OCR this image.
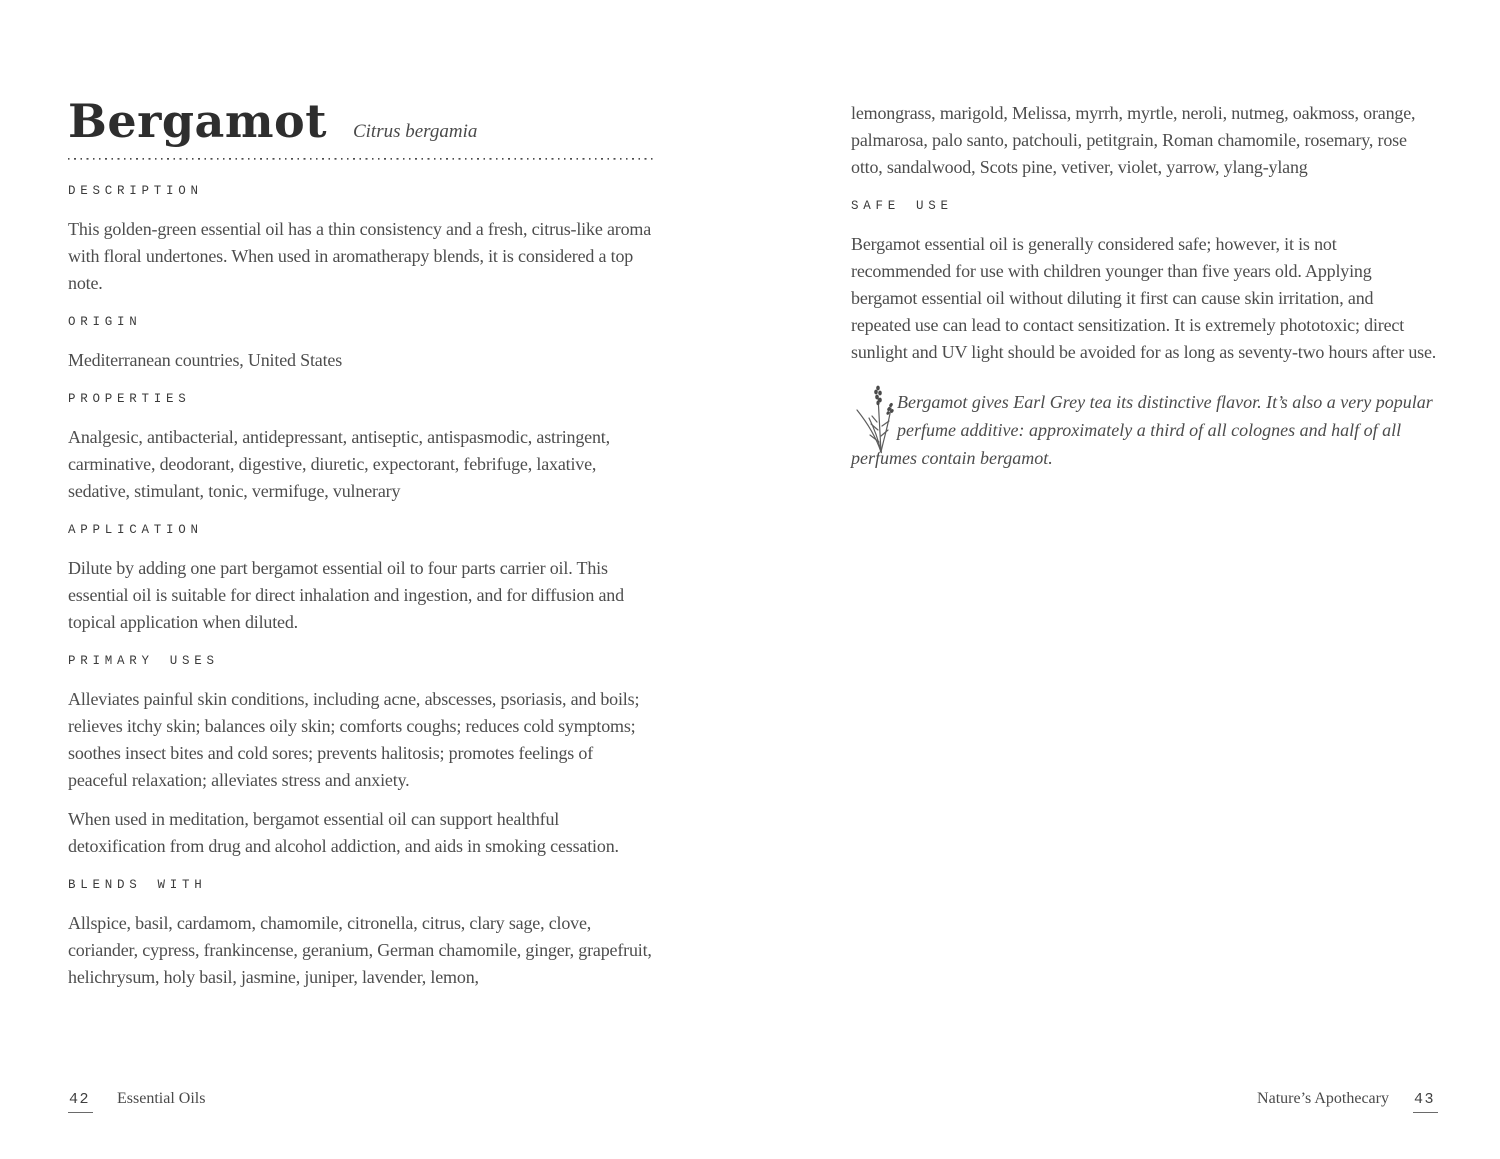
Bergamot Citrus bergamia
DESCRIPTION

This golden-green essential oil has a thin consistency and a fresh, citrus-like aroma with floral undertones. When used in aromatherapy blends, it is considered a top note.

ORIGIN

Mediterranean countries, United States

PROPERTIES

Analgesic, antibacterial, antidepressant, antiseptic, antispasmodic, astringent, carminative, deodorant, digestive, diuretic, expectorant, febrifuge, laxative, sedative, stimulant, tonic, vermifuge, vulnerary

APPLICATION

Dilute by adding one part bergamot essential oil to four parts carrier oil. This essential oil is suitable for direct inhalation and ingestion, and for diffusion and topical application when diluted.

PRIMARY USES

Alleviates painful skin conditions, including acne, abscesses, psoriasis, and boils; relieves itchy skin; balances oily skin; comforts coughs; reduces cold symptoms; soothes insect bites and cold sores; prevents halitosis; promotes feelings of peaceful relaxation; alleviates stress and anxiety.

When used in meditation, bergamot essential oil can support healthful detoxification from drug and alcohol addiction, and aids in smoking cessation.

BLENDS WITH

Allspice, basil, cardamom, chamomile, citronella, citrus, clary sage, clove, coriander, cypress, frankincense, geranium, German chamomile, ginger, grapefruit, helichrysum, holy basil, jasmine, juniper, lavender, lemon,

lemongrass, marigold, Melissa, myrrh, myrtle, neroli, nutmeg, oakmoss, orange, palmarosa, palo santo, patchouli, petitgrain, Roman chamomile, rosemary, rose otto, sandalwood, Scots pine, vetiver, violet, yarrow, ylang-ylang

SAFE USE

Bergamot essential oil is generally considered safe; however, it is not recommended for use with children younger than five years old. Applying bergamot essential oil without diluting it first can cause skin irritation, and repeated use can lead to contact sensitization. It is extremely phototoxic; direct sunlight and UV light should be avoided for as long as seventy-two hours after use.

Bergamot gives Earl Grey tea its distinctive flavor. It’s also a very popular perfume additive: approximately a third of all colognes and half of all perfumes contain bergamot.
42 Essential Oils	Nature’s Apothecary 43
